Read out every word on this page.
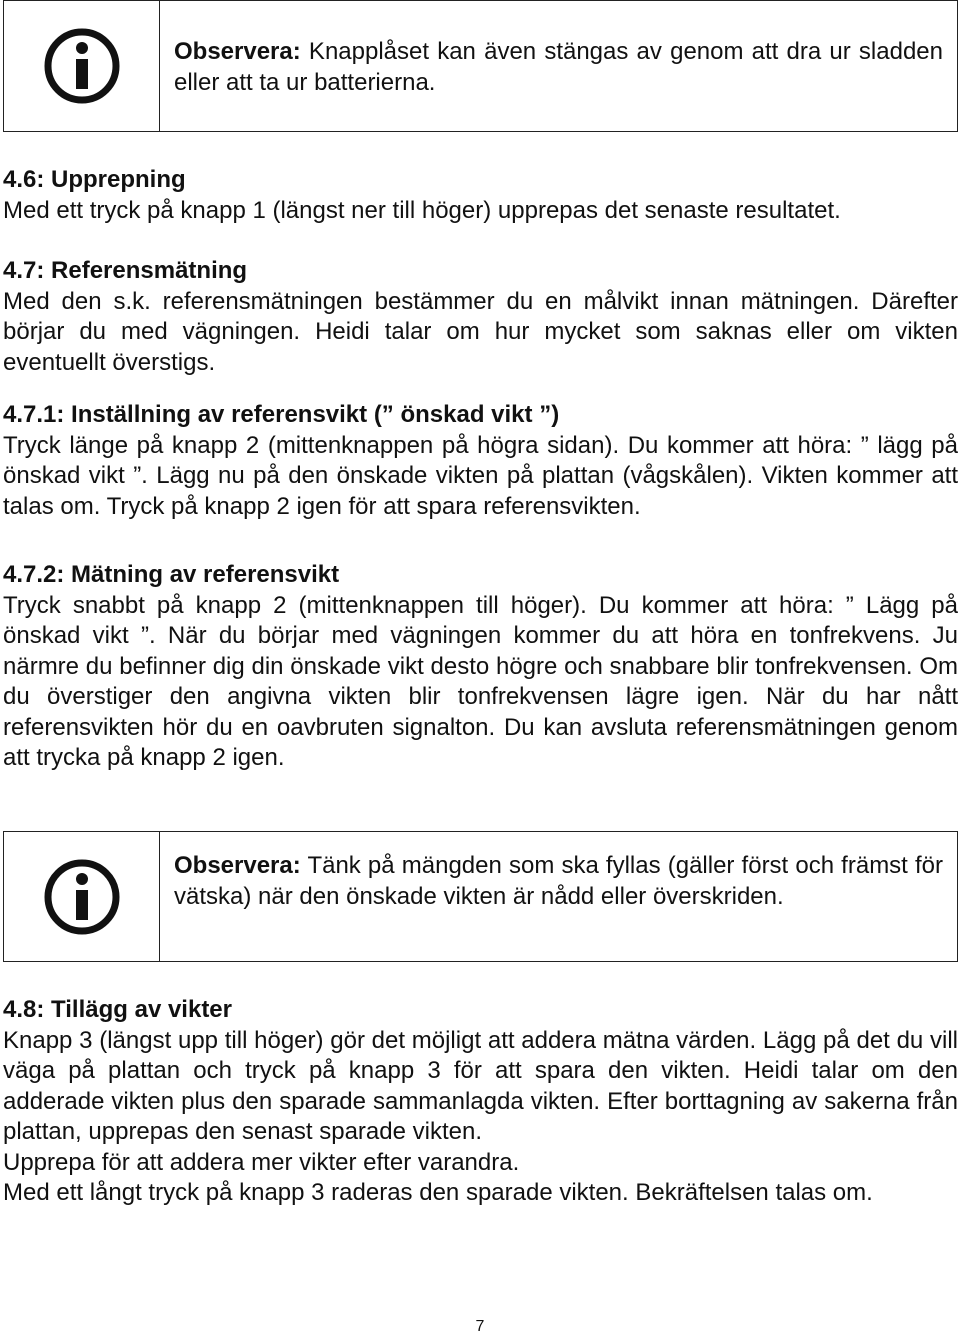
Observera: Knapplåset kan även stängas av genom att dra ur sladden eller att ta ur batterierna.
4.6: Upprepning
Med ett tryck på knapp 1 (längst ner till höger) upprepas det senaste resultatet.
4.7: Referensmätning
Med den s.k. referensmätningen bestämmer du en målvikt innan mätningen. Därefter börjar du med vägningen. Heidi talar om hur mycket som saknas eller om vikten eventuellt överstigs.
4.7.1: Inställning av referensvikt (” önskad vikt ”)
Tryck länge på knapp 2 (mittenknappen på högra sidan). Du kommer att höra: ” lägg på önskad vikt ”. Lägg nu på den önskade vikten på plattan (vågskålen). Vikten kommer att talas om. Tryck på knapp 2 igen för att spara referensvikten.
4.7.2: Mätning av referensvikt
Tryck snabbt på knapp 2 (mittenknappen till höger). Du kommer att höra: ” Lägg på önskad vikt ”. När du börjar med vägningen kommer du att höra en tonfrekvens. Ju närmre du befinner dig din önskade vikt desto högre och snabbare blir tonfrekvensen. Om du överstiger den angivna vikten blir tonfrekvensen lägre igen. När du har nått referensvikten hör du en oavbruten signalton. Du kan avsluta referensmätningen genom att trycka på knapp 2 igen.
Observera: Tänk på mängden som ska fyllas (gäller först och främst för vätska) när den önskade vikten är nådd eller överskriden.
4.8: Tillägg av vikter
Knapp 3 (längst upp till höger) gör det möjligt att addera mätna värden. Lägg på det du vill väga på plattan och tryck på knapp 3 för att spara den vikten. Heidi talar om den adderade vikten plus den sparade sammanlagda vikten. Efter borttagning av sakerna från plattan, upprepas den senast sparade vikten.
Upprepa för att addera mer vikter efter varandra.
Med ett långt tryck på knapp 3 raderas den sparade vikten. Bekräftelsen talas om.
7
